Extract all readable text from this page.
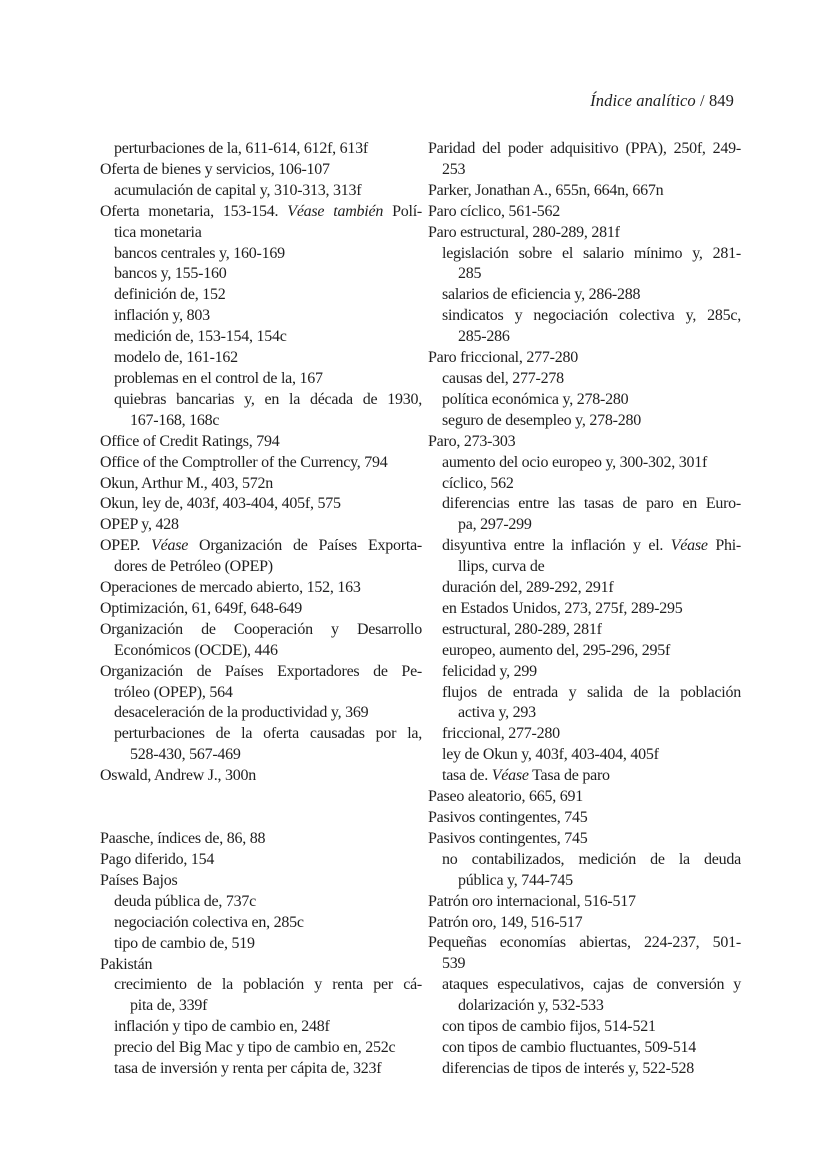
Índice analítico / 849
perturbaciones de la, 611-614, 612f, 613f
Oferta de bienes y servicios, 106-107
acumulación de capital y, 310-313, 313f
Oferta monetaria, 153-154. Véase también Polí-
tica monetaria
bancos centrales y, 160-169
bancos y, 155-160
definición de, 152
inflación y, 803
medición de, 153-154, 154c
modelo de, 161-162
problemas en el control de la, 167
quiebras bancarias y, en la década de 1930,
167-168, 168c
Office of Credit Ratings, 794
Office of the Comptroller of the Currency, 794
Okun, Arthur M., 403, 572n
Okun, ley de, 403f, 403-404, 405f, 575
OPEP y, 428
OPEP. Véase Organización de Países Exporta-
dores de Petróleo (OPEP)
Operaciones de mercado abierto, 152, 163
Optimización, 61, 649f, 648-649
Organización de Cooperación y Desarrollo
Económicos (OCDE), 446
Organización de Países Exportadores de Pe-
tróleo (OPEP), 564
desaceleración de la productividad y, 369
perturbaciones de la oferta causadas por la,
528-430, 567-469
Oswald, Andrew J., 300n
Paasche, índices de, 86, 88
Pago diferido, 154
Países Bajos
deuda pública de, 737c
negociación colectiva en, 285c
tipo de cambio de, 519
Pakistán
crecimiento de la población y renta per cá-
pita de, 339f
inflación y tipo de cambio en, 248f
precio del Big Mac y tipo de cambio en, 252c
tasa de inversión y renta per cápita de, 323f
Paridad del poder adquisitivo (PPA), 250f, 249-
253
Parker, Jonathan A., 655n, 664n, 667n
Paro cíclico, 561-562
Paro estructural, 280-289, 281f
legislación sobre el salario mínimo y, 281-
285
salarios de eficiencia y, 286-288
sindicatos y negociación colectiva y, 285c,
285-286
Paro friccional, 277-280
causas del, 277-278
política económica y, 278-280
seguro de desempleo y, 278-280
Paro, 273-303
aumento del ocio europeo y, 300-302, 301f
cíclico, 562
diferencias entre las tasas de paro en Euro-
pa, 297-299
disyuntiva entre la inflación y el. Véase Phi-
llips, curva de
duración del, 289-292, 291f
en Estados Unidos, 273, 275f, 289-295
estructural, 280-289, 281f
europeo, aumento del, 295-296, 295f
felicidad y, 299
flujos de entrada y salida de la población
activa y, 293
friccional, 277-280
ley de Okun y, 403f, 403-404, 405f
tasa de. Véase Tasa de paro
Paseo aleatorio, 665, 691
Pasivos contingentes, 745
Pasivos contingentes, 745
no contabilizados, medición de la deuda
pública y, 744-745
Patrón oro internacional, 516-517
Patrón oro, 149, 516-517
Pequeñas economías abiertas, 224-237, 501-
539
ataques especulativos, cajas de conversión y
dolarización y, 532-533
con tipos de cambio fijos, 514-521
con tipos de cambio fluctuantes, 509-514
diferencias de tipos de interés y, 522-528
